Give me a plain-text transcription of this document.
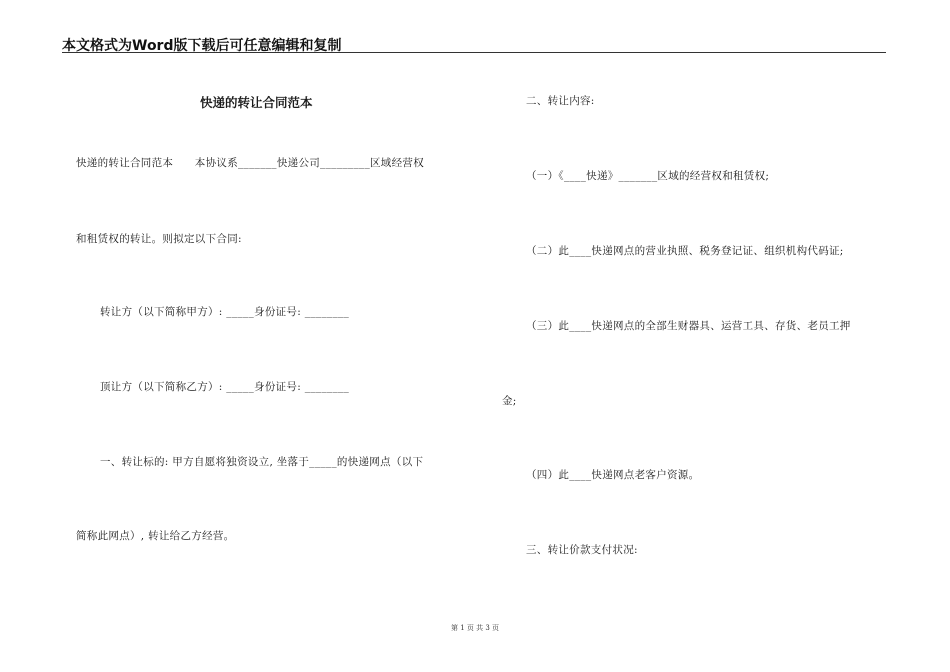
本文格式为Word版下载后可任意编辑和复制
快递的转让合同范本
快递的转让合同范本　　本协议系_______快递公司_________区域经营权
和租赁权的转让。则拟定以下合同:
转让方（以下简称甲方）: _____身份证号: ________
顶让方（以下简称乙方）: _____身份证号: ________
一、转让标的: 甲方自愿将独资设立, 坐落于_____的快递网点（以下
简称此网点）, 转让给乙方经营。
二、转让内容:
（一）《____快递》_______区域的经营权和租赁权;
（二）此____快递网点的营业执照、税务登记证、组织机构代码证;
（三）此____快递网点的全部生财器具、运营工具、存货、老员工押
金;
（四）此____快递网点老客户资源。
三、转让价款支付状况:
第 1 页 共 3 页
